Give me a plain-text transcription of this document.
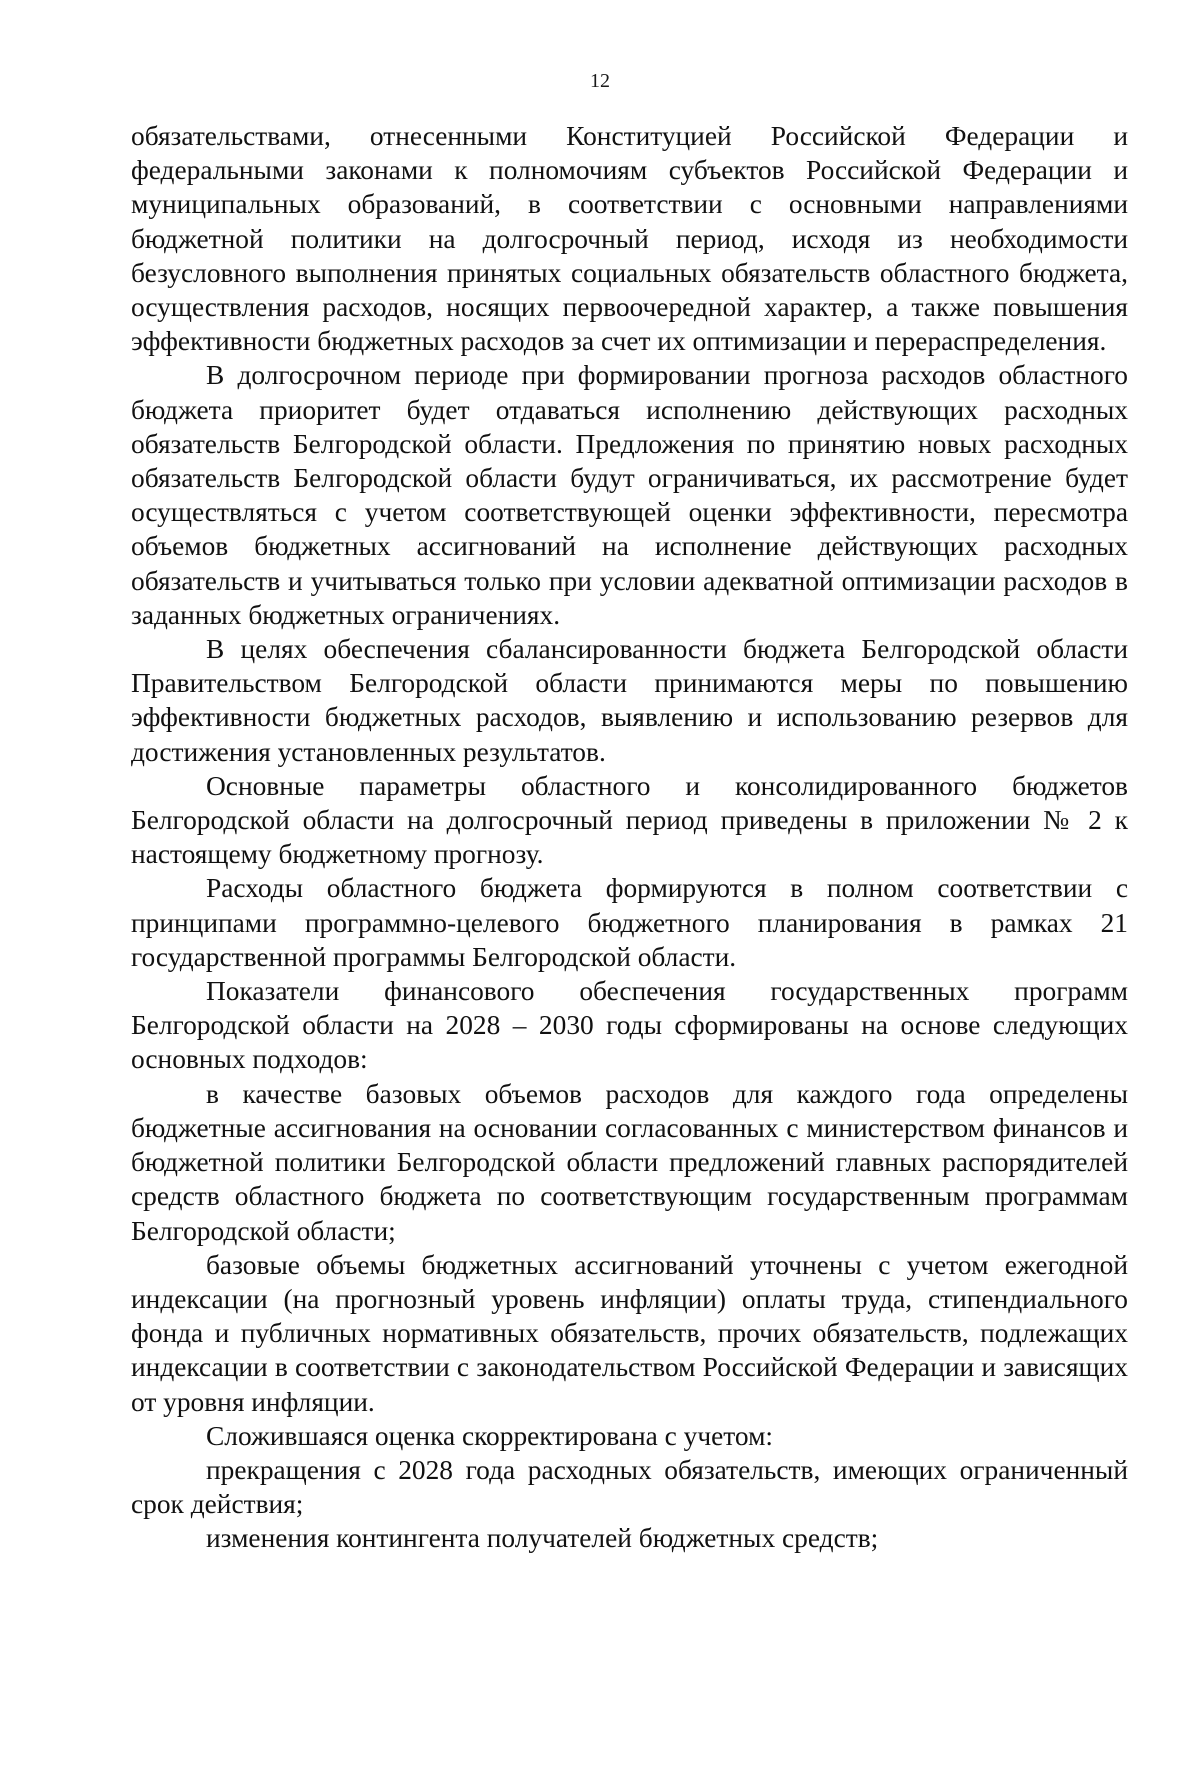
12

обязательствами, отнесенными Конституцией Российской Федерации и федеральными законами к полномочиям субъектов Российской Федерации и муниципальных образований, в соответствии с основными направлениями бюджетной политики на долгосрочный период, исходя из необходимости безусловного выполнения принятых социальных обязательств областного бюджета, осуществления расходов, носящих первоочередной характер, а также повышения эффективности бюджетных расходов за счет их оптимизации и перераспределения.

В долгосрочном периоде при формировании прогноза расходов областного бюджета приоритет будет отдаваться исполнению действующих расходных обязательств Белгородской области. Предложения по принятию новых расходных обязательств Белгородской области будут ограничиваться, их рассмотрение будет осуществляться с учетом соответствующей оценки эффективности, пересмотра объемов бюджетных ассигнований на исполнение действующих расходных обязательств и учитываться только при условии адекватной оптимизации расходов в заданных бюджетных ограничениях.

В целях обеспечения сбалансированности бюджета Белгородской области Правительством Белгородской области принимаются меры по повышению эффективности бюджетных расходов, выявлению и использованию резервов для достижения установленных результатов.

Основные параметры областного и консолидированного бюджетов Белгородской области на долгосрочный период приведены в приложении № 2 к настоящему бюджетному прогнозу.

Расходы областного бюджета формируются в полном соответствии с принципами программно-целевого бюджетного планирования в рамках 21 государственной программы Белгородской области.

Показатели финансового обеспечения государственных программ Белгородской области на 2028 – 2030 годы сформированы на основе следующих основных подходов:

в качестве базовых объемов расходов для каждого года определены бюджетные ассигнования на основании согласованных с министерством финансов и бюджетной политики Белгородской области предложений главных распорядителей средств областного бюджета по соответствующим государственным программам Белгородской области;

базовые объемы бюджетных ассигнований уточнены с учетом ежегодной индексации (на прогнозный уровень инфляции) оплаты труда, стипендиального фонда и публичных нормативных обязательств, прочих обязательств, подлежащих индексации в соответствии с законодательством Российской Федерации и зависящих от уровня инфляции.

Сложившаяся оценка скорректирована с учетом:

прекращения с 2028 года расходных обязательств, имеющих ограниченный срок действия;

изменения контингента получателей бюджетных средств;
